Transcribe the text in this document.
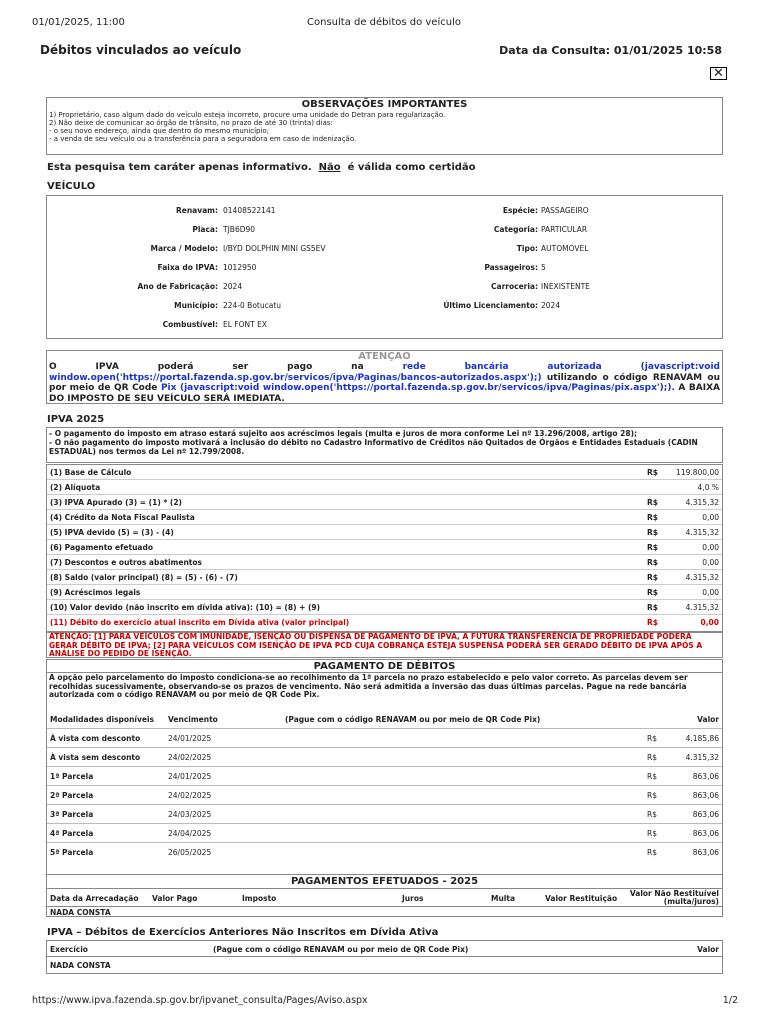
01/01/2025, 11:00	Consulta de débitos do veículo
Débitos vinculados ao veículo	Data da Consulta: 01/01/2025 10:58
✕
OBSERVAÇÕES IMPORTANTES
1) Proprietário, caso algum dado do veículo esteja incorreto, procure uma unidade do Detran para regularização.
2) Não deixe de comunicar ao órgão de trânsito, no prazo de até 30 (trinta) dias:
- o seu novo endereço, ainda que dentro do mesmo município;
- a venda de seu veículo ou a transferência para a seguradora em caso de indenização.
Esta pesquisa tem caráter apenas informativo. Não é válida como certidão
VEÍCULO
Renavam: 01408522141	Espécie: PASSAGEIRO
Placa: TJB6D90	Categoria: PARTICULAR
Marca / Modelo: I/BYD DOLPHIN MINI GS5EV	Tipo: AUTOMOVEL
Faixa do IPVA: 1012950	Passageiros: 5
Ano de Fabricação: 2024	Carroceria: INEXISTENTE
Município: 224-0 Botucatu	Último Licenciamento: 2024
Combustível: EL FONT EX
ATENÇÃO
O IPVA poderá ser pago na	rede bancária autorizada (javascript:void window.open('https://portal.fazenda.sp.gov.br/servicos/ipva/Paginas/bancos-autorizados.aspx');) utilizando o código RENAVAM ou por meio de QR Code Pix (javascript:void window.open('https://portal.fazenda.sp.gov.br/servicos/ipva/Paginas/pix.aspx');). A BAIXA DO IMPOSTO DE SEU VEÍCULO SERÁ IMEDIATA.
IPVA 2025
- O pagamento do imposto em atraso estará sujeito aos acréscimos legais (multa e juros de mora conforme Lei nº 13.296/2008, artigo 28);
- O não pagamento do imposto motivará a inclusão do débito no Cadastro Informativo de Créditos não Quitados de Órgãos e Entidades Estaduais (CADIN ESTADUAL) nos termos da Lei nº 12.799/2008.
(1) Base de Cálculo	R$ 119.800,00
(2) Alíquota	4,0 %
(3) IPVA Apurado (3) = (1) * (2)	R$	4.315,32
(4) Crédito da Nota Fiscal Paulista	R$	0,00
(5) IPVA devido (5) = (3) - (4)	R$	4.315,32
(6) Pagamento efetuado	R$	0,00
(7) Descontos e outros abatimentos	R$	0,00
(8) Saldo (valor principal) (8) = (5) - (6) - (7)	R$	4.315,32
(9) Acréscimos legais	R$	0,00
(10) Valor devido (não inscrito em dívida ativa): (10) = (8) + (9)	R$	4.315,32
(11) Débito do exercício atual inscrito em Dívida ativa (valor principal)	R$	0,00
ATENÇÃO: [1] PARA VEÍCULOS COM IMUNIDADE, ISENÇÃO OU DISPENSA DE PAGAMENTO DE IPVA, A FUTURA TRANSFERÊNCIA DE PROPRIEDADE PODERÁ GERAR DÉBITO DE IPVA; [2] PARA VEÍCULOS COM ISENÇÃO DE IPVA PCD CUJA COBRANÇA ESTEJA SUSPENSA PODERÁ SER GERADO DÉBITO DE IPVA APÓS A ANÁLISE DO PEDIDO DE ISENÇÃO.
PAGAMENTO DE DÉBITOS
A opção pelo parcelamento do imposto condiciona-se ao recolhimento da 1ª parcela no prazo estabelecido e pelo valor correto. As parcelas devem ser recolhidas sucessivamente, observando-se os prazos de vencimento. Não será admitida a inversão das duas últimas parcelas. Pague na rede bancária autorizada com o código RENAVAM ou por meio de QR Code Pix.
Modalidades disponíveis Vencimento	(Pague com o código RENAVAM ou por meio de QR Code Pix)	Valor
À vista com desconto	24/01/2025	R$	4.185,86
À vista sem desconto	24/02/2025	R$	4.315,32
1ª Parcela	24/01/2025	R$	863,06
2ª Parcela	24/02/2025	R$	863,06
3ª Parcela	24/03/2025	R$	863,06
4ª Parcela	24/04/2025	R$	863,06
5ª Parcela	26/05/2025	R$	863,06
PAGAMENTOS EFETUADOS - 2025
Data da Arrecadação Valor Pago	Imposto	Juros	Multa	Valor Restituição
Valor Não Restituível
(multa/juros)
NADA CONSTA
IPVA – Débitos de Exercícios Anteriores Não Inscritos em Dívida Ativa
Exercício	(Pague com o código RENAVAM ou por meio de QR Code Pix)	Valor
NADA CONSTA
https://www.ipva.fazenda.sp.gov.br/ipvanet_consulta/Pages/Aviso.aspx	1/2
